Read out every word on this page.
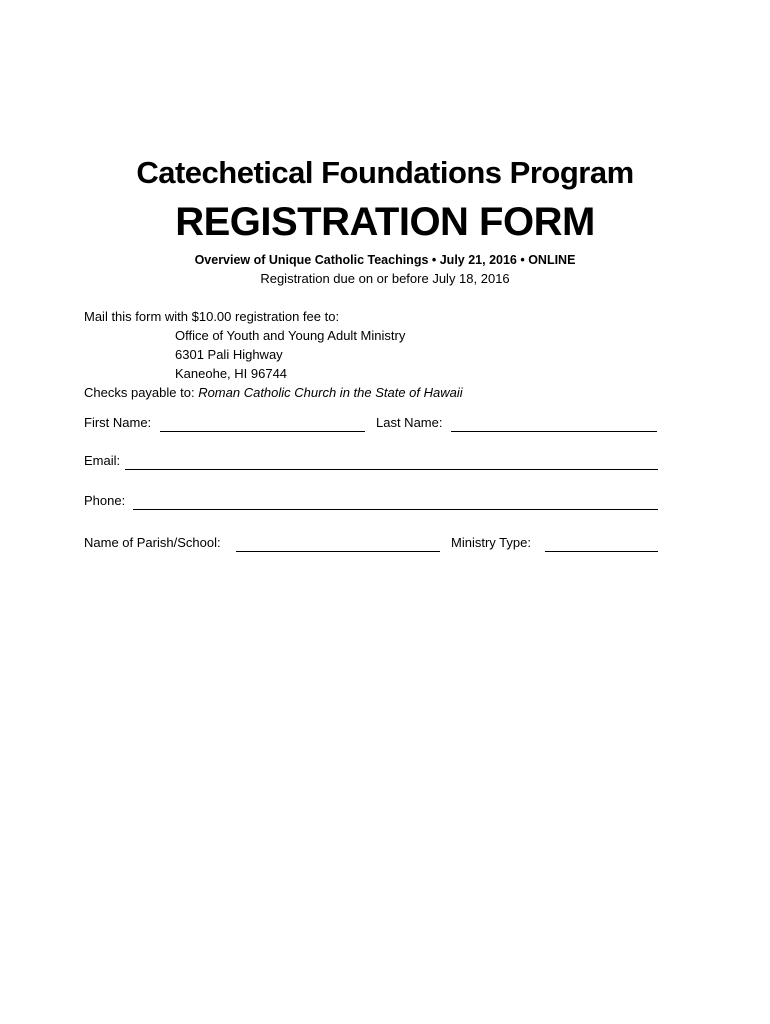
Catechetical Foundations Program
REGISTRATION FORM
Overview of Unique Catholic Teachings • July 21, 2016 • ONLINE
Registration due on or before July 18, 2016
Mail this form with $10.00 registration fee to:
Office of Youth and Young Adult Ministry
6301 Pali Highway
Kaneohe, HI 96744
Checks payable to: Roman Catholic Church in the State of Hawaii
First Name:	Last Name:
Email:
Phone:
Name of Parish/School:	Ministry Type:
